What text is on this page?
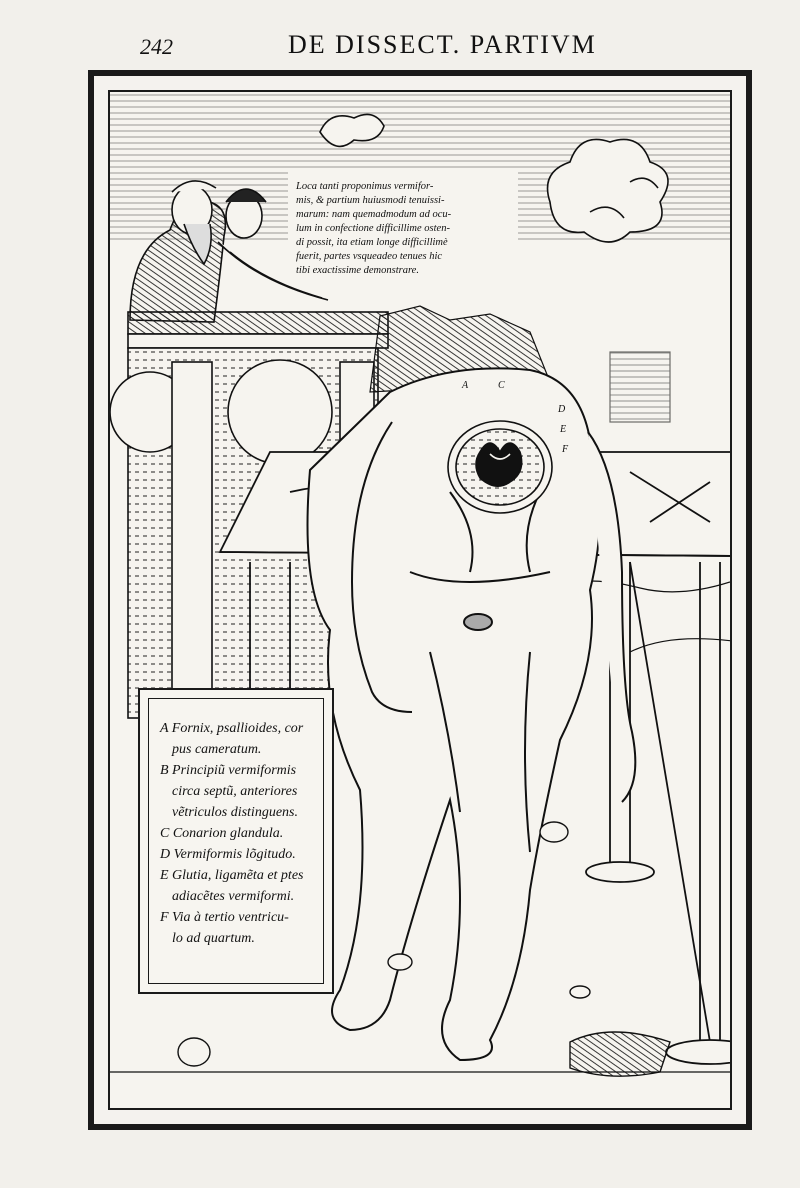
242	DE DISSECT. PARTIVM
A	C
D
E
F
Loca tanti proponimus vermifor-
mis, & partium huiusmodi tenuissi-
marum: nam quemadmodum ad ocu-
lum in confectione difficillime osten-
di possit, ita etiam longe difficillimè
fuerit, partes vsqueadeo tenues hic
tibi exactissime demonstrare.
A Fornix, psallioides, cor
pus cameratum.
B Principiũ vermiformis
circa septũ, anteriores
vẽtriculos distinguens.
C Conarion glandula.
D Vermiformis lõgitudo.
E Glutia, ligamẽta et ptes
adiacẽtes vermiformi.
F Via à tertio ventricu-
lo ad quartum.
